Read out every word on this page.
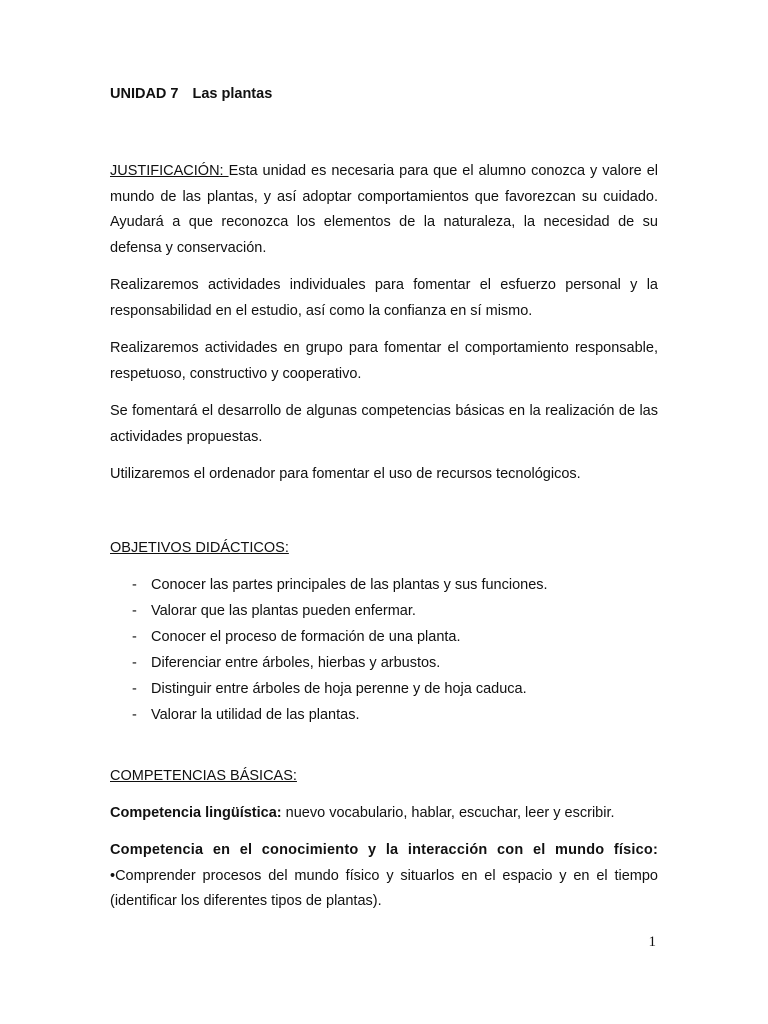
UNIDAD 7 Las plantas

JUSTIFICACIÓN: Esta unidad es necesaria para que el alumno conozca y valore el mundo de las plantas, y así adoptar comportamientos que favorezcan su cuidado. Ayudará a que reconozca los elementos de la naturaleza, la necesidad de su defensa y conservación.

Realizaremos actividades individuales para fomentar el esfuerzo personal y la responsabilidad en el estudio, así como la confianza en sí mismo.

Realizaremos actividades en grupo para fomentar el comportamiento responsable, respetuoso, constructivo y cooperativo.

Se fomentará el desarrollo de algunas competencias básicas en la realización de las actividades propuestas.

Utilizaremos el ordenador para fomentar el uso de recursos tecnológicos.

OBJETIVOS DIDÁCTICOS:

- Conocer las partes principales de las plantas y sus funciones.
- Valorar que las plantas pueden enfermar.
- Conocer el proceso de formación de una planta.
- Diferenciar entre árboles, hierbas y arbustos.
- Distinguir entre árboles de hoja perenne y de hoja caduca.
- Valorar la utilidad de las plantas.

COMPETENCIAS BÁSICAS:

Competencia lingüística: nuevo vocabulario, hablar, escuchar, leer y escribir.

Competencia en el conocimiento y la interacción con el mundo físico:

•Comprender procesos del mundo físico y situarlos en el espacio y en el tiempo (identificar los diferentes tipos de plantas).

1
